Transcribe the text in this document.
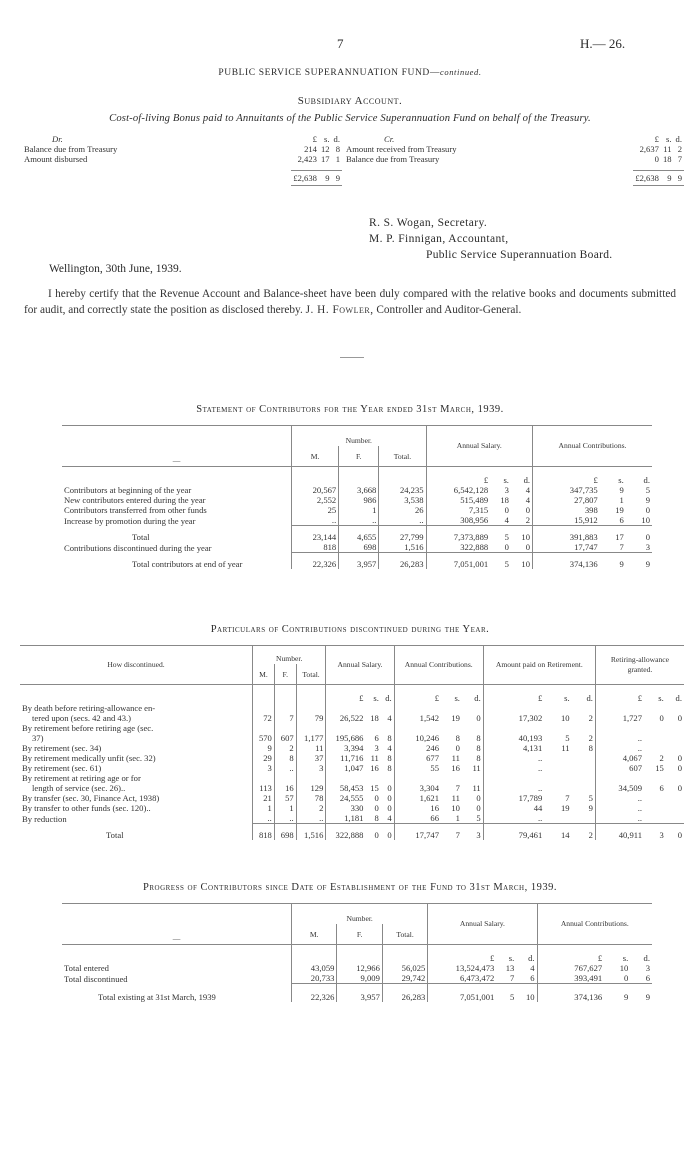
7	H.— 26.
PUBLIC SERVICE SUPERANNUATION FUND—continued.
Subsidiary Account.
Cost-of-living Bonus paid to Annuitants of the Public Service Superannuation Fund on behalf of the Treasury.
Dr.	£	s.	d.
Balance due from Treasury	214	12	8
Amount disbursed	2,423	17	1

	£2,638	9	9
Cr.	£	s.	d.
Amount received from Treasury	2,637	11	2
Balance due from Treasury	0	18	7

	£2,638	9	9
R. S. Wogan, Secretary.
M. P. Finnigan, Accountant,
Public Service Superannuation Board.
Wellington, 30th June, 1939.
I hereby certify that the Revenue Account and Balance-sheet have been duly compared with the relative books and documents submitted for audit, and correctly state the position as disclosed thereby. J. H. Fowler, Controller and Auditor-General.
Statement of Contributors for the Year ended 31st March, 1939.
—	Number.			Annual Salary.			Annual Contributions.		
	M.	F.	Total.						
				£	s.	d.	£	s.	d.
Contributors at beginning of the year	20,567	3,668	24,235	6,542,128	3	4	347,735	9	5
New contributors entered during the year	2,552	986	3,538	515,489	18	4	27,807	1	9
Contributors transferred from other funds	25	1	26	7,315	0	0	398	19	0
Increase by promotion during the year	..	..	..	308,956	4	2	15,912	6	10
Total	23,144	4,655	27,799	7,373,889	5	10	391,883	17	0
Contributions discontinued during the year	818	698	1,516	322,888	0	0	17,747	7	3
Total contributors at end of year	22,326	3,957	26,283	7,051,001	5	10	374,136	9	9
Particulars of Contributions discontinued during the Year.
How discontinued.	Number.			Annual Salary.			Annual Contributions.			Amount paid on Retirement.			Retiring-allowance granted.		
	M.	F.	Total.												
				£	s.	d.	£	s.	d.	£	s.	d.	£	s.	d.
By death before retiring-allowance en-															
tered upon (secs. 42 and 43.)	72	7	79	26,522	18	4	1,542	19	0	17,302	10	2	1,727	0	0
By retirement before retiring age (sec.															
37)	570	607	1,177	195,686	6	8	10,246	8	8	40,193	5	2	..		
By retirement (sec. 34)	9	2	11	3,394	3	4	246	0	8	4,131	11	8	..		
By retirement medically unfit (sec. 32)	29	8	37	11,716	11	8	677	11	8	..			4,067	2	0
By retirement (sec. 61)	3	..	3	1,047	16	8	55	16	11	..			607	15	0
By retirement at retiring age or for															
length of service (sec. 26)..	113	16	129	58,453	15	0	3,304	7	11	..			34,509	6	0
By transfer (sec. 30, Finance Act, 1938)	21	57	78	24,555	0	0	1,621	11	0	17,789	7	5	..		
By transfer to other funds (sec. 120)..	1	1	2	330	0	0	16	10	0	44	19	9	..		
By reduction	..	..	..	1,181	8	4	66	1	5	..			..		
Total	818	698	1,516	322,888	0	0	17,747	7	3	79,461	14	2	40,911	3	0
Progress of Contributors since Date of Establishment of the Fund to 31st March, 1939.
—	Number.			Annual Salary.			Annual Contributions.		
	M.	F.	Total.						
				£	s.	d.	£	s.	d.
Total entered	43,059	12,966	56,025	13,524,473	13	4	767,627	10	3
Total discontinued	20,733	9,009	29,742	6,473,472	7	6	393,491	0	6
Total existing at 31st March, 1939	22,326	3,957	26,283	7,051,001	5	10	374,136	9	9
